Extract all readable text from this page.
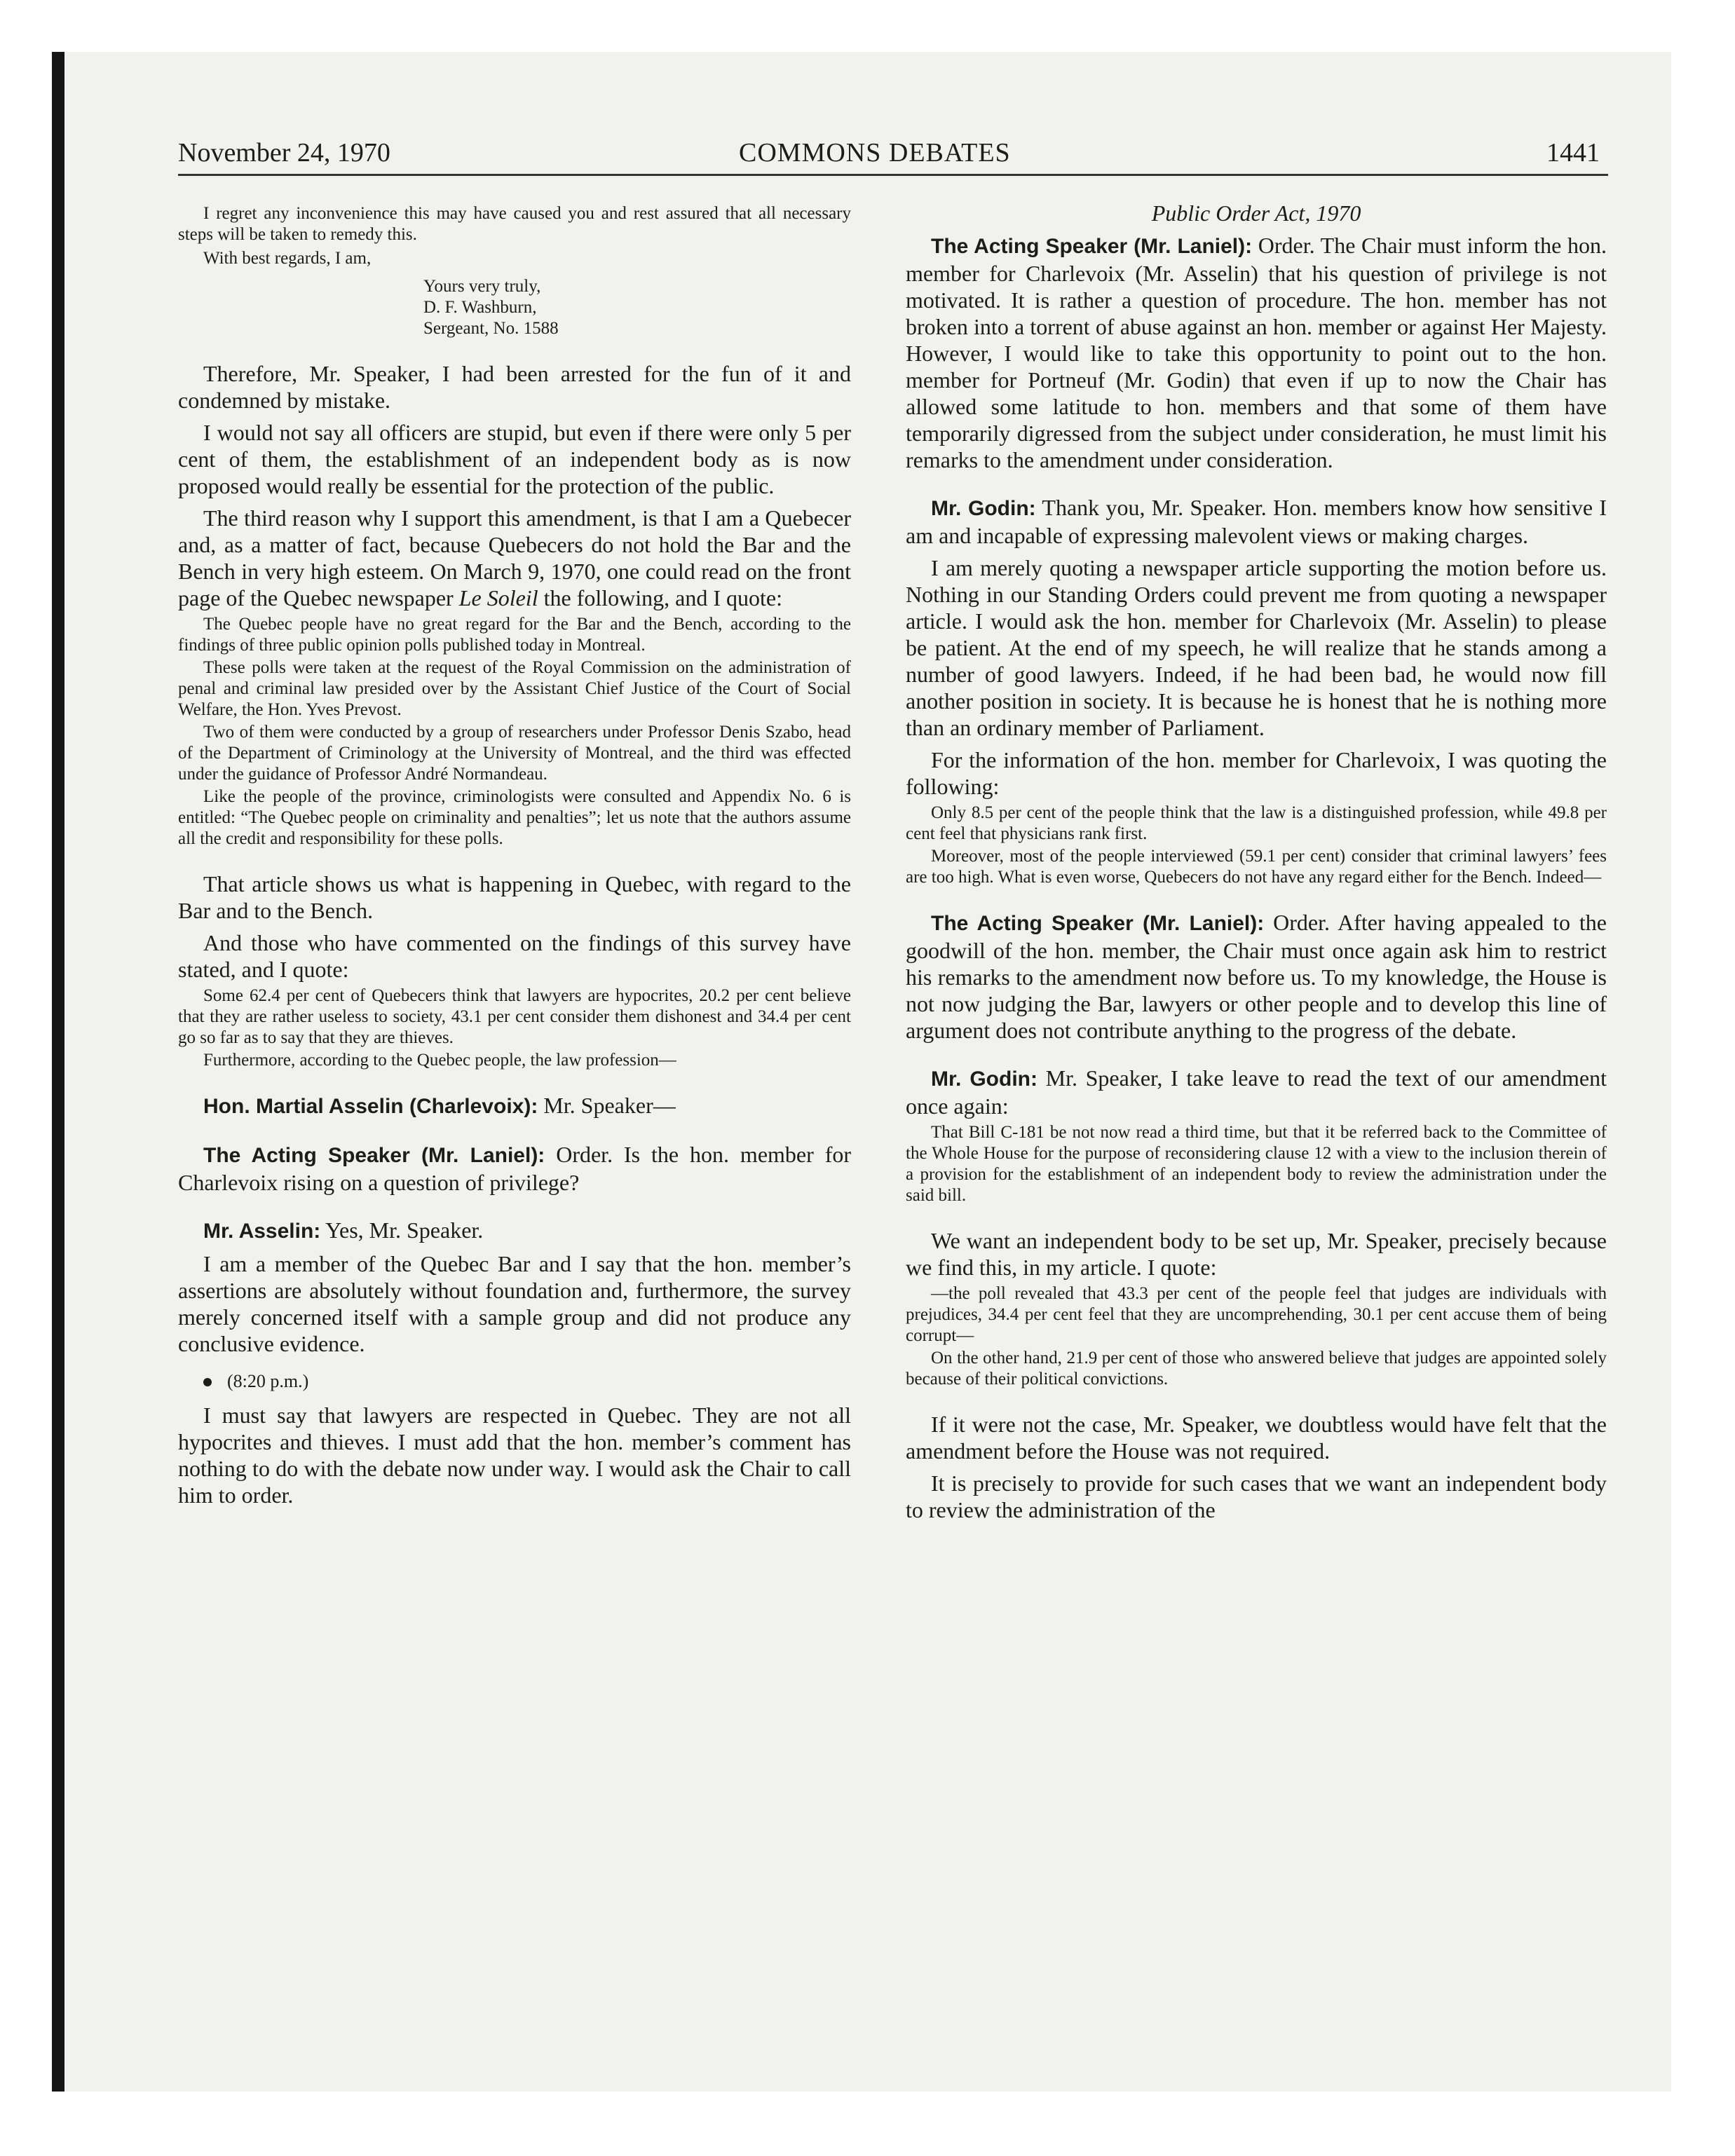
November 24, 1970	COMMONS DEBATES	1441

I regret any inconvenience this may have caused you and rest assured that all necessary steps will be taken to remedy this.

With best regards, I am,

Yours very truly,

D. F. Washburn,

Sergeant, No. 1588

Therefore, Mr. Speaker, I had been arrested for the fun of it and condemned by mistake.

I would not say all officers are stupid, but even if there were only 5 per cent of them, the establishment of an independent body as is now proposed would really be essential for the protection of the public.

The third reason why I support this amendment, is that I am a Quebecer and, as a matter of fact, because Quebecers do not hold the Bar and the Bench in very high esteem. On March 9, 1970, one could read on the front page of the Quebec newspaper Le Soleil the following, and I quote:

The Quebec people have no great regard for the Bar and the Bench, according to the findings of three public opinion polls published today in Montreal.

These polls were taken at the request of the Royal Commission on the administration of penal and criminal law presided over by the Assistant Chief Justice of the Court of Social Welfare, the Hon. Yves Prevost.

Two of them were conducted by a group of researchers under Professor Denis Szabo, head of the Department of Criminology at the University of Montreal, and the third was effected under the guidance of Professor André Normandeau.

Like the people of the province, criminologists were consulted and Appendix No. 6 is entitled: “The Quebec people on criminality and penalties”; let us note that the authors assume all the credit and responsibility for these polls.

That article shows us what is happening in Quebec, with regard to the Bar and to the Bench.

And those who have commented on the findings of this survey have stated, and I quote:

Some 62.4 per cent of Quebecers think that lawyers are hypocrites, 20.2 per cent believe that they are rather useless to society, 43.1 per cent consider them dishonest and 34.4 per cent go so far as to say that they are thieves.

Furthermore, according to the Quebec people, the law profession—

Hon. Martial Asselin (Charlevoix): Mr. Speaker—

The Acting Speaker (Mr. Laniel): Order. Is the hon. member for Charlevoix rising on a question of privilege?

Mr. Asselin: Yes, Mr. Speaker.

I am a member of the Quebec Bar and I say that the hon. member’s assertions are absolutely without foundation and, furthermore, the survey merely concerned itself with a sample group and did not produce any conclusive evidence.

(8:20 p.m.)

I must say that lawyers are respected in Quebec. They are not all hypocrites and thieves. I must add that the hon. member’s comment has nothing to do with the debate now under way. I would ask the Chair to call him to order.

Public Order Act, 1970

The Acting Speaker (Mr. Laniel): Order. The Chair must inform the hon. member for Charlevoix (Mr. Asselin) that his question of privilege is not motivated. It is rather a question of procedure. The hon. member has not broken into a torrent of abuse against an hon. member or against Her Majesty. However, I would like to take this opportunity to point out to the hon. member for Portneuf (Mr. Godin) that even if up to now the Chair has allowed some latitude to hon. members and that some of them have temporarily digressed from the subject under consideration, he must limit his remarks to the amendment under consideration.

Mr. Godin: Thank you, Mr. Speaker. Hon. members know how sensitive I am and incapable of expressing malevolent views or making charges.

I am merely quoting a newspaper article supporting the motion before us. Nothing in our Standing Orders could prevent me from quoting a newspaper article. I would ask the hon. member for Charlevoix (Mr. Asselin) to please be patient. At the end of my speech, he will realize that he stands among a number of good lawyers. Indeed, if he had been bad, he would now fill another position in society. It is because he is honest that he is nothing more than an ordinary member of Parliament.

For the information of the hon. member for Charlevoix, I was quoting the following:

Only 8.5 per cent of the people think that the law is a distinguished profession, while 49.8 per cent feel that physicians rank first.

Moreover, most of the people interviewed (59.1 per cent) consider that criminal lawyers’ fees are too high. What is even worse, Quebecers do not have any regard either for the Bench. Indeed—

The Acting Speaker (Mr. Laniel): Order. After having appealed to the goodwill of the hon. member, the Chair must once again ask him to restrict his remarks to the amendment now before us. To my knowledge, the House is not now judging the Bar, lawyers or other people and to develop this line of argument does not contribute anything to the progress of the debate.

Mr. Godin: Mr. Speaker, I take leave to read the text of our amendment once again:

That Bill C-181 be not now read a third time, but that it be referred back to the Committee of the Whole House for the purpose of reconsidering clause 12 with a view to the inclusion therein of a provision for the establishment of an independent body to review the administration under the said bill.

We want an independent body to be set up, Mr. Speaker, precisely because we find this, in my article. I quote:

—the poll revealed that 43.3 per cent of the people feel that judges are individuals with prejudices, 34.4 per cent feel that they are uncomprehending, 30.1 per cent accuse them of being corrupt—

On the other hand, 21.9 per cent of those who answered believe that judges are appointed solely because of their political convictions.

If it were not the case, Mr. Speaker, we doubtless would have felt that the amendment before the House was not required.

It is precisely to provide for such cases that we want an independent body to review the administration of the
